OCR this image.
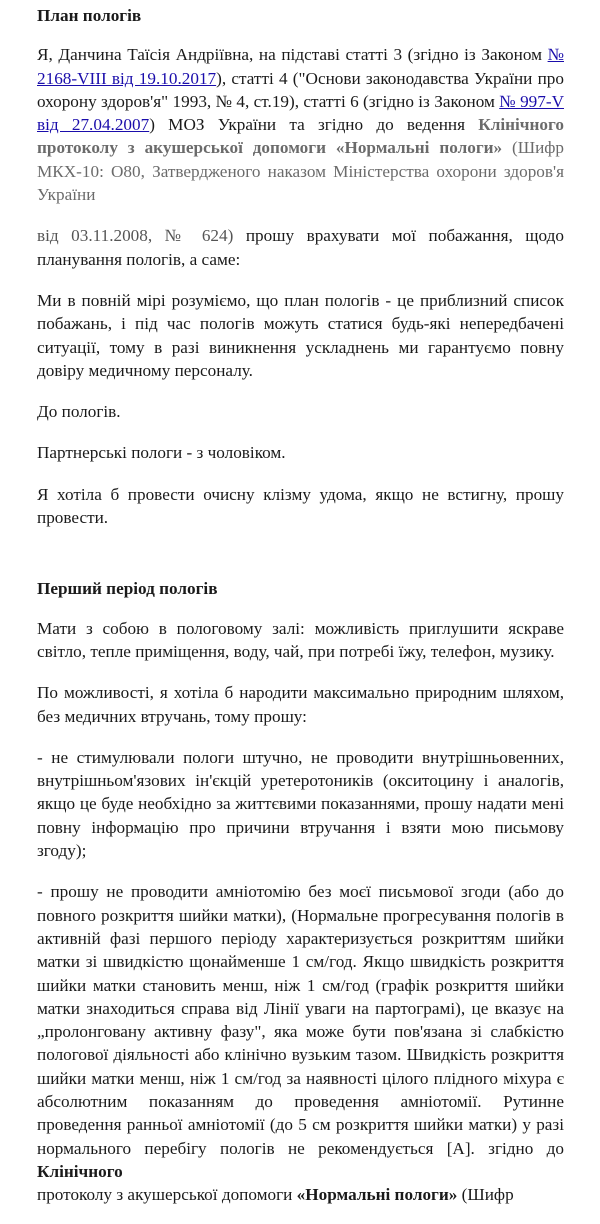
План пологів

Я, Данчина Таїсія Андріївна, на підставі статті 3 (згідно із Законом № 2168-VIII від 19.10.2017), статті 4 ("Основи законодавства України про охорону здоров'я" 1993, № 4, ст.19), статті 6 (згідно із Законом № 997-V від 27.04.2007) МОЗ України та згідно до ведення Клінічного протоколу з акушерської допомоги «Нормальні пологи» (Шифр МКХ-10: О80, Затвердженого наказом Міністерства охорони здоров'я України

від 03.11.2008, № 624) прошу врахувати мої побажання, щодо планування пологів, а саме:

Ми в повній мірі розуміємо, що план пологів - це приблизний список побажань, і під час пологів можуть статися будь-які непередбачені ситуації, тому в разі виникнення ускладнень ми гарантуємо повну довіру медичному персоналу.

До пологів.

Партнерські пологи - з чоловіком.

Я хотіла б провести очисну клізму удома, якщо не встигну, прошу провести.

Перший період пологів

Мати з собою в пологовому залі: можливість приглушити яскраве світло, тепле приміщення, воду, чай, при потребі їжу, телефон, музику.

По можливості, я хотіла б народити максимально природним шляхом, без медичних втручань, тому прошу:

- не стимулювали пологи штучно, не проводити внутрішньовенних, внутрішньом'язових ін'єкцій уретеротоників (окситоцину і аналогів, якщо це буде необхідно за життєвими показаннями, прошу надати мені повну інформацію про причини втручання і взяти мою письмову згоду);

- прошу не проводити амніотомію без моєї письмової згоди (або до повного розкриття шийки матки), (Нормальне прогресування пологів в активній фазі першого періоду характеризується розкриттям шийки матки зі швидкістю щонайменше 1 см/год. Якщо швидкість розкриття шийки матки становить менш, ніж 1 см/год (графік розкриття шийки матки знаходиться справа від Лінії уваги на партограмі), це вказує на „пролонговану активну фазу", яка може бути пов'язана зі слабкістю пологової діяльності або клінічно вузьким тазом. Швидкість розкриття шийки матки менш, ніж 1 см/год за наявності цілого плідного міхура є абсолютним показанням до проведення амніотомії. Рутинне проведення ранньої амніотомії (до 5 см розкриття шийки матки) у разі нормального перебігу пологів не рекомендується [А]. згідно до Клінічного

протоколу з акушерської допомоги «Нормальні пологи» (Шифр
